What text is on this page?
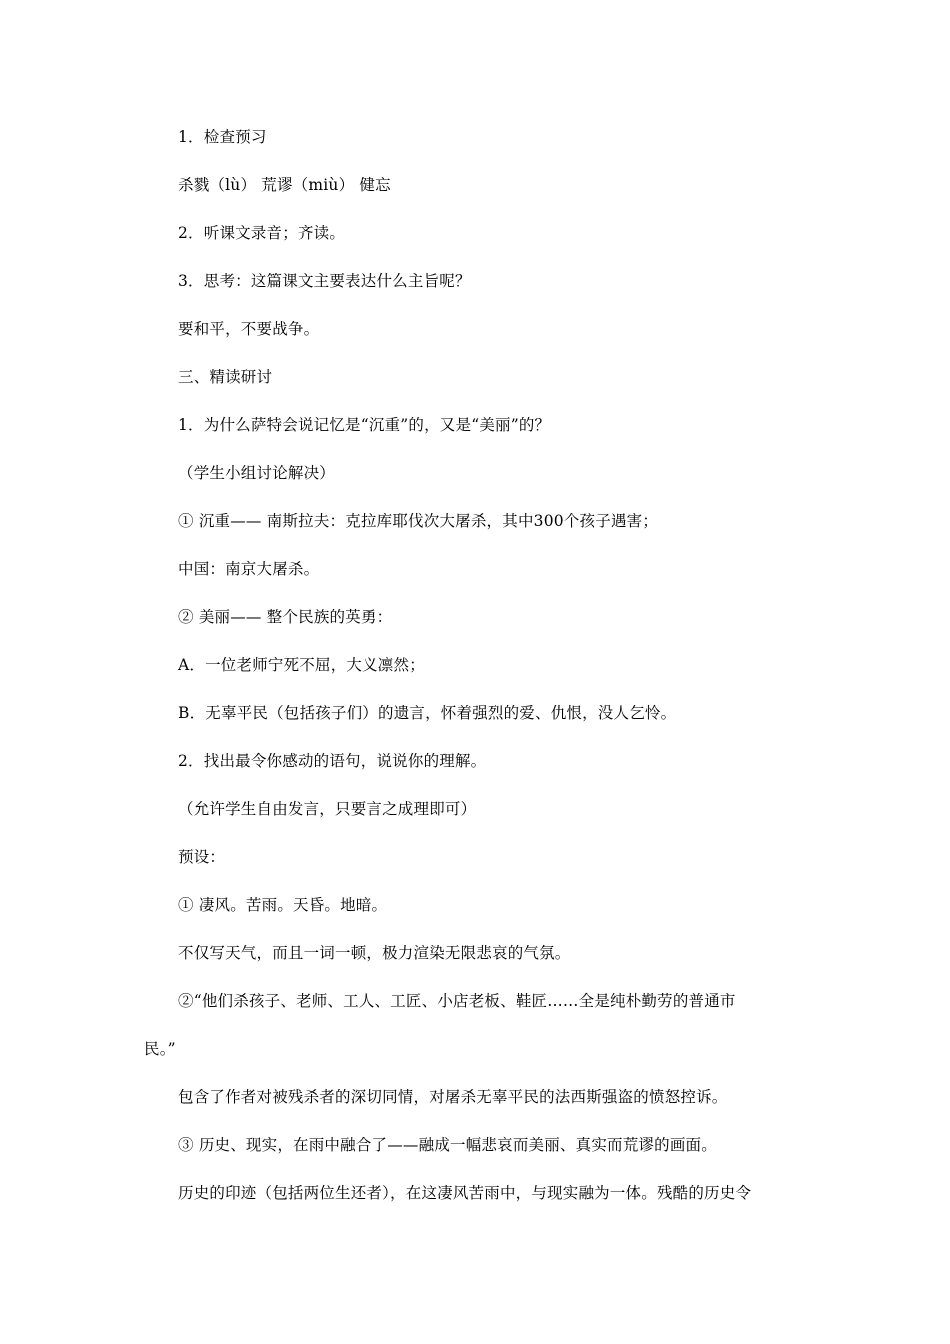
1．检查预习
杀戮（lù） 荒谬（miù） 健忘
2．听课文录音；齐读。
3．思考：这篇课文主要表达什么主旨呢？
要和平，不要战争。
三、精读研讨
1．为什么萨特会说记忆是“沉重”的，又是“美丽”的？
（学生小组讨论解决）
① 沉重—— 南斯拉夫：克拉库耶伐次大屠杀，其中300个孩子遇害；
中国：南京大屠杀。
② 美丽—— 整个民族的英勇：
A．一位老师宁死不屈，大义凛然；
B．无辜平民（包括孩子们）的遗言，怀着强烈的爱、仇恨，没人乞怜。
2．找出最令你感动的语句，说说你的理解。
（允许学生自由发言，只要言之成理即可）
预设：
① 凄风。苦雨。天昏。地暗。
不仅写天气，而且一词一顿，极力渲染无限悲哀的气氛。
②“他们杀孩子、老师、工人、工匠、小店老板、鞋匠……全是纯朴勤劳的普通市
民。”
包含了作者对被残杀者的深切同情，对屠杀无辜平民的法西斯强盗的愤怒控诉。
③ 历史、现实，在雨中融合了——融成一幅悲哀而美丽、真实而荒谬的画面。
历史的印迹（包括两位生还者），在这凄风苦雨中，与现实融为一体。残酷的历史令
